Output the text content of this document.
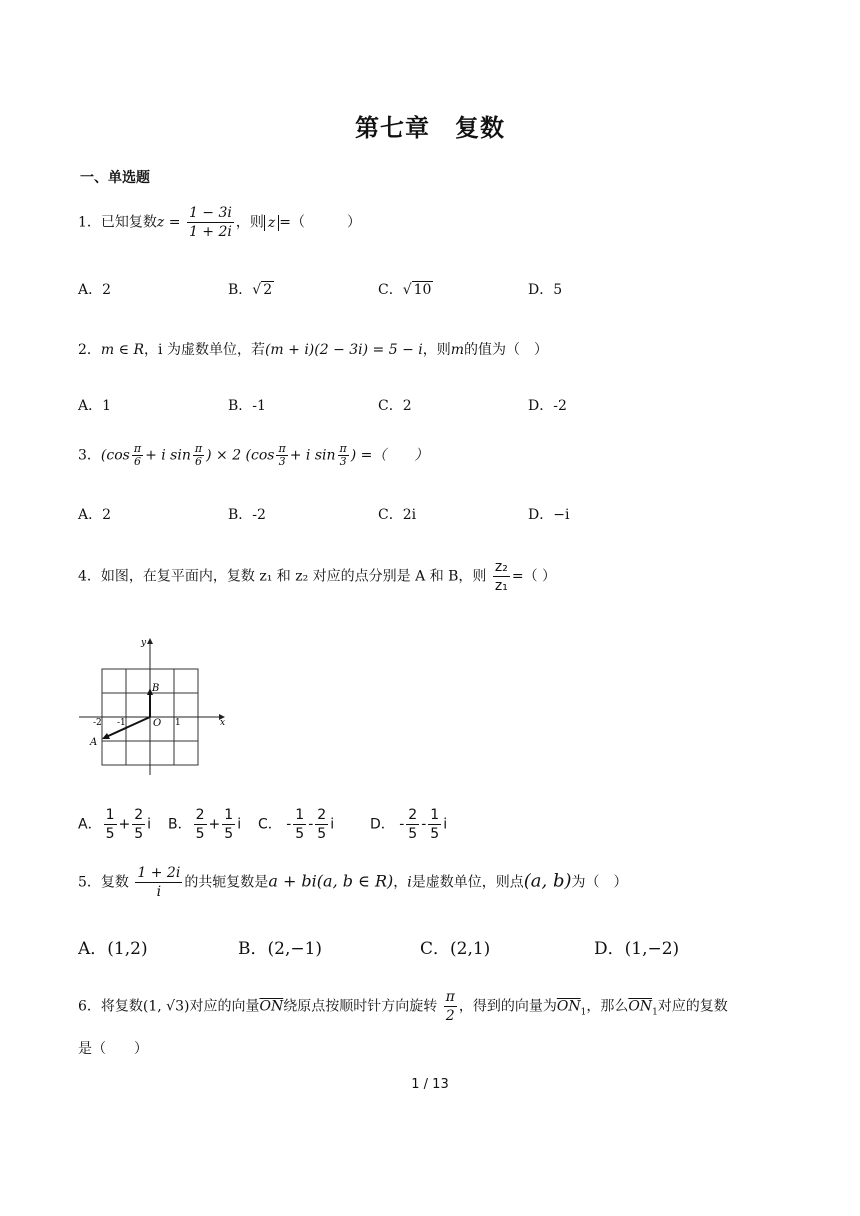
第七章　复数
一、单选题
1．已知复数$z = \frac{1 - 3i}{1 + 2i}$ ，则 z =（　　　）
A．2	B．√ 2	C．√ 10	D．5
2．m ∈ R，i 为虚数单位，若(m + i)(2 − 3i) = 5 − i，则m的值为（　）
A．1	B．-1	C．2	D．-2
3．($\cos \frac{\pi}{6} + i$ $\sin \frac{\pi}{6}$ ) × 2 ($\cos \frac{\pi}{3} + i$ $\sin \frac{\pi}{3}$ ) =（　　）
A．2	B．-2	C．2i	D．−i
4．如图，在复平面内，复数 z₁ 和 z₂ 对应的点分别是 A 和 B，则 $\frac{\text{z₂}}{\text{z₁}}$ =（ ）
y
x
O
B
A
-2 -1	1
A． $\frac{1}{5} + \frac{2}{5}$ i B． $\frac{2}{5} + \frac{1}{5}$ i C． - $\frac{1}{5} - \frac{2}{5}$ i	D． - $\frac{2}{5} - \frac{1}{5}$ i
5．复数 $\frac{1 + 2i}{i}$ 的共轭复数是a + bi(a, b ∈ R)，i是虚数单位，则点(a, b)为（　）
A．(1,2)	B．(2,−1)	C．(2,1)	D．(1,−2)
6．将复数(1, √3)对应的向量$\overline{ON}$绕原点按顺时针方向旋转 $\frac{\pi}{2}$ ，得到的向量为$\overline{ON}_1$，那么$\overline{ON}_1$对应的复数
是（　　）
1 / 13
